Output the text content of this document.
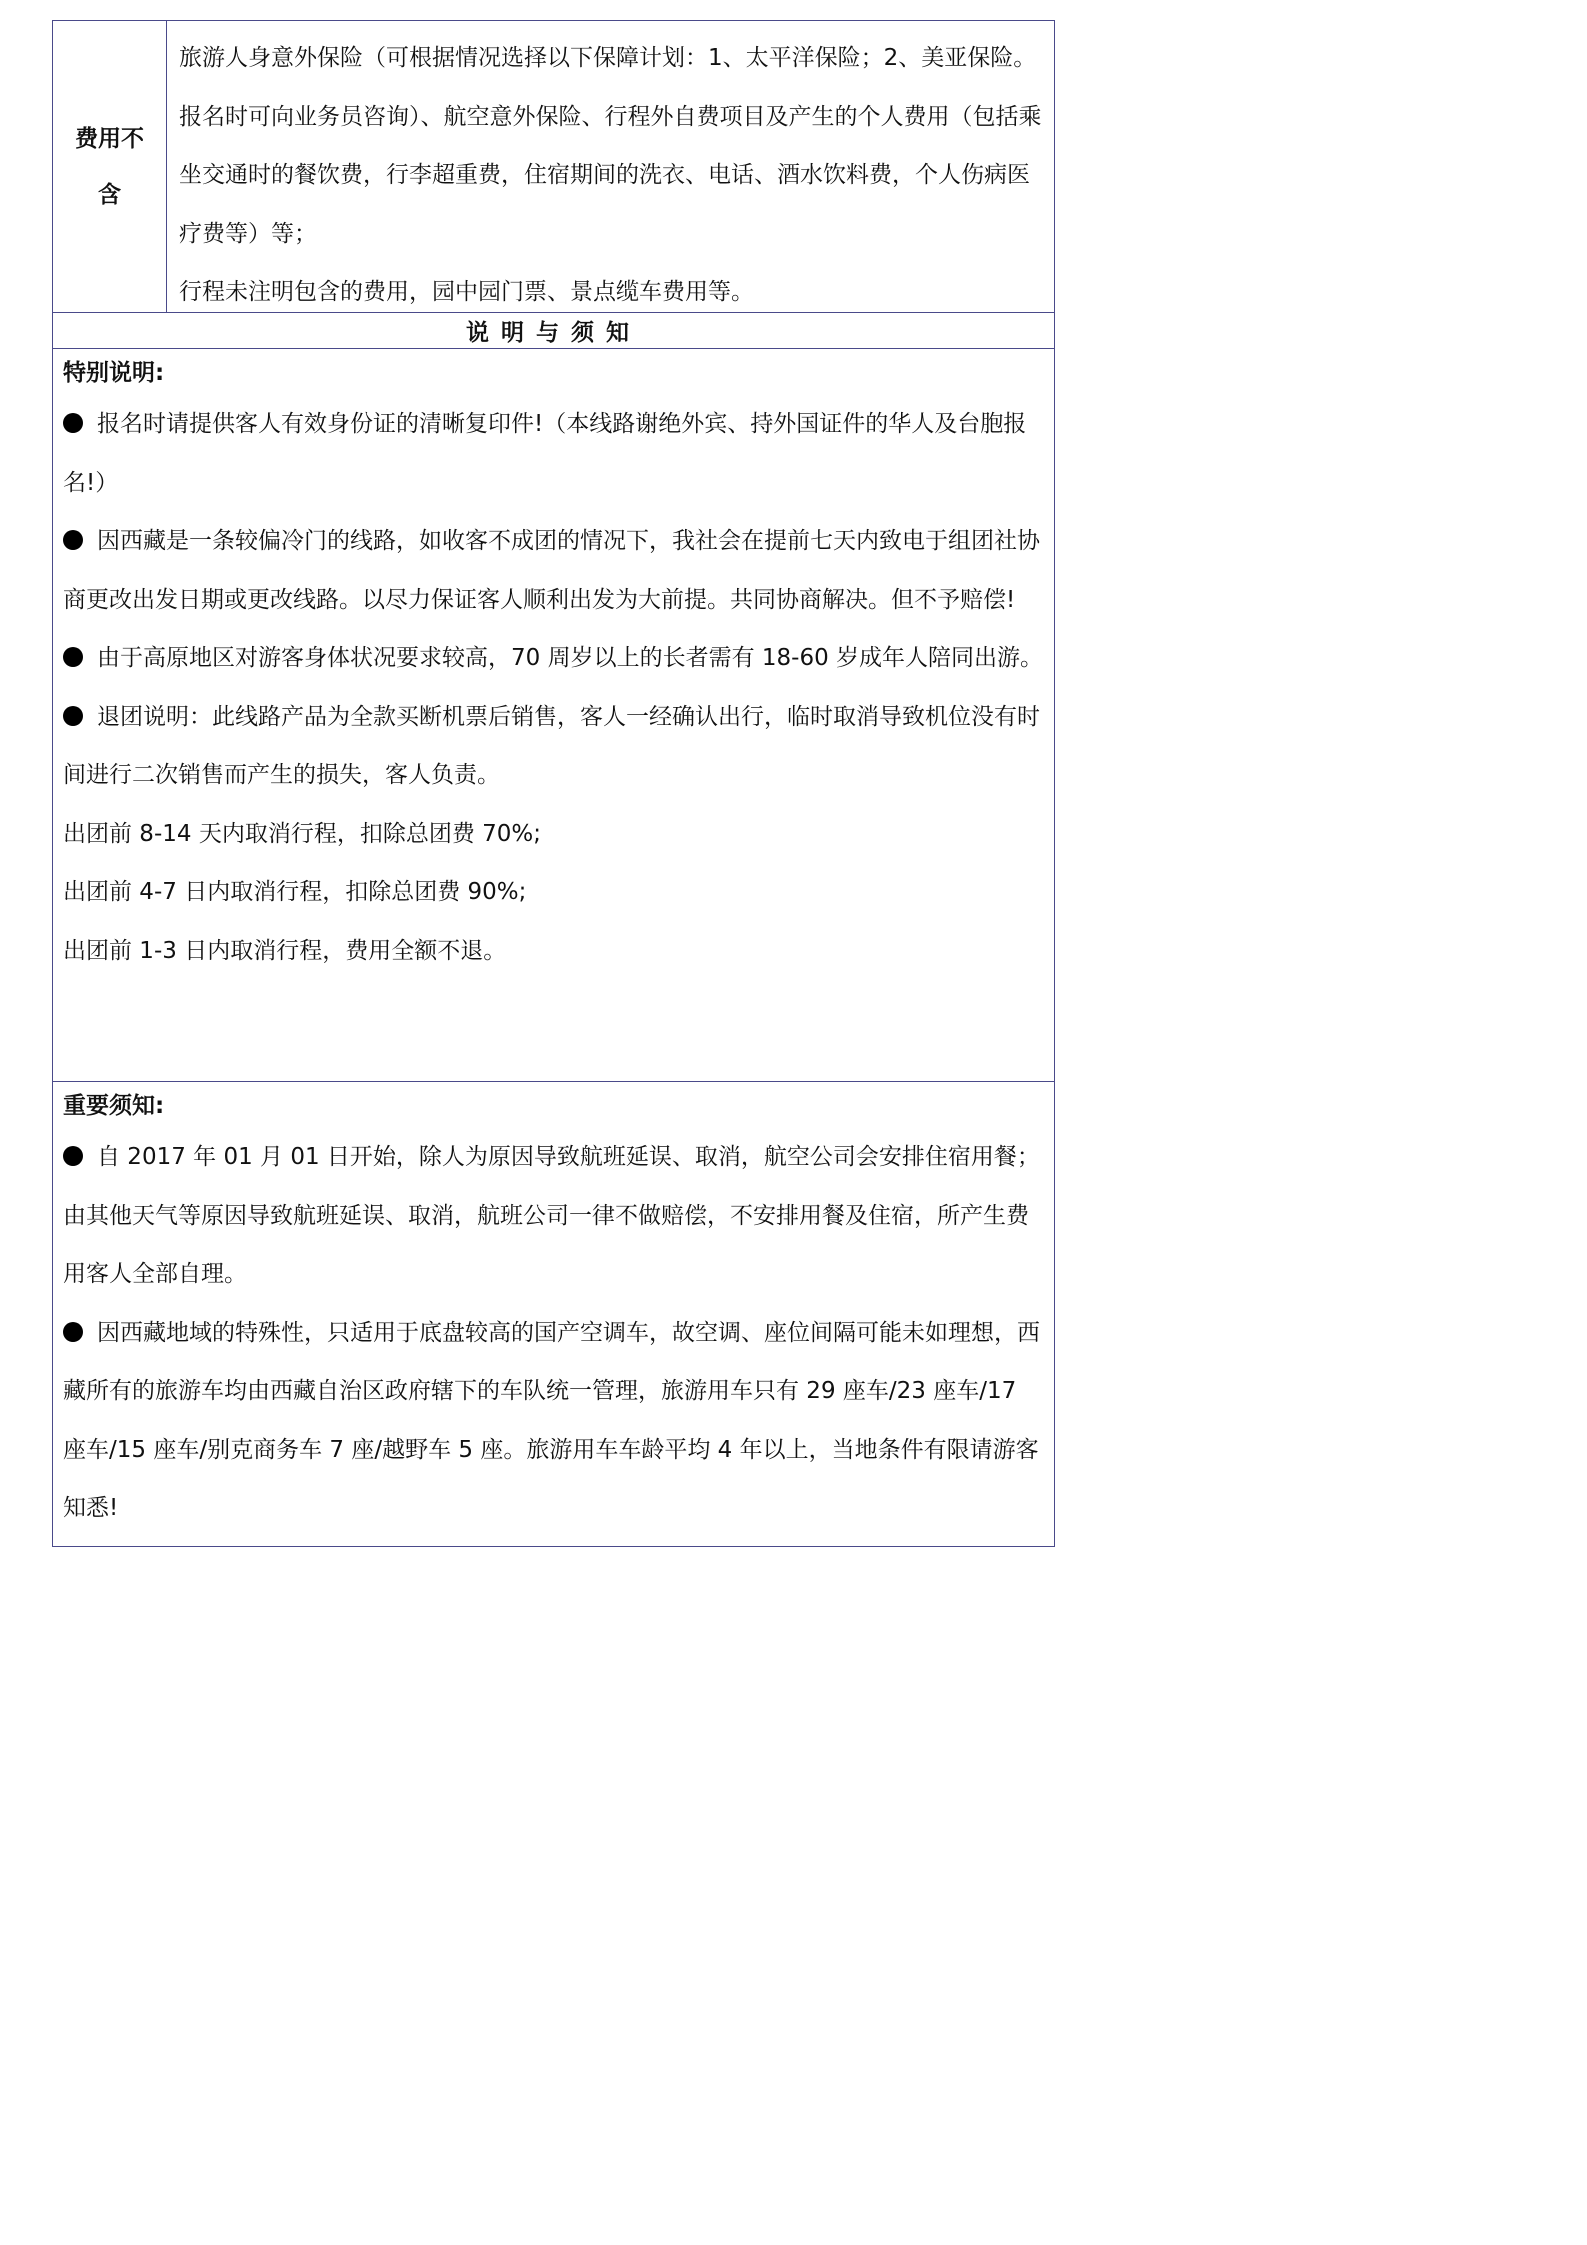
费用不含

旅游人身意外保险（可根据情况选择以下保障计划：1、太平洋保险；2、美亚保险。报名时可向业务员咨询）、航空意外保险、行程外自费项目及产生的个人费用（包括乘坐交通时的餐饮费，行李超重费，住宿期间的洗衣、电话、酒水饮料费，个人伤病医疗费等）等；

行程未注明包含的费用，园中园门票、景点缆车费用等。

说明与须知

特别说明:

报名时请提供客人有效身份证的清晰复印件!（本线路谢绝外宾、持外国证件的华人及台胞报名!）

因西藏是一条较偏冷门的线路，如收客不成团的情况下，我社会在提前七天内致电于组团社协商更改出发日期或更改线路。以尽力保证客人顺利出发为大前提。共同协商解决。但不予赔偿!

由于高原地区对游客身体状况要求较高，70 周岁以上的长者需有 18-60 岁成年人陪同出游。

退团说明：此线路产品为全款买断机票后销售，客人一经确认出行，临时取消导致机位没有时间进行二次销售而产生的损失，客人负责。

出团前 8-14 天内取消行程，扣除总团费 70%;

出团前 4-7 日内取消行程，扣除总团费 90%;

出团前 1-3 日内取消行程，费用全额不退。

重要须知:

自 2017 年 01 月 01 日开始，除人为原因导致航班延误、取消，航空公司会安排住宿用餐；由其他天气等原因导致航班延误、取消，航班公司一律不做赔偿，不安排用餐及住宿，所产生费用客人全部自理。

因西藏地域的特殊性，只适用于底盘较高的国产空调车，故空调、座位间隔可能未如理想，西藏所有的旅游车均由西藏自治区政府辖下的车队统一管理，旅游用车只有 29 座车/23 座车/17 座车/15 座车/别克商务车 7 座/越野车 5 座。旅游用车车龄平均 4 年以上，当地条件有限请游客知悉!
